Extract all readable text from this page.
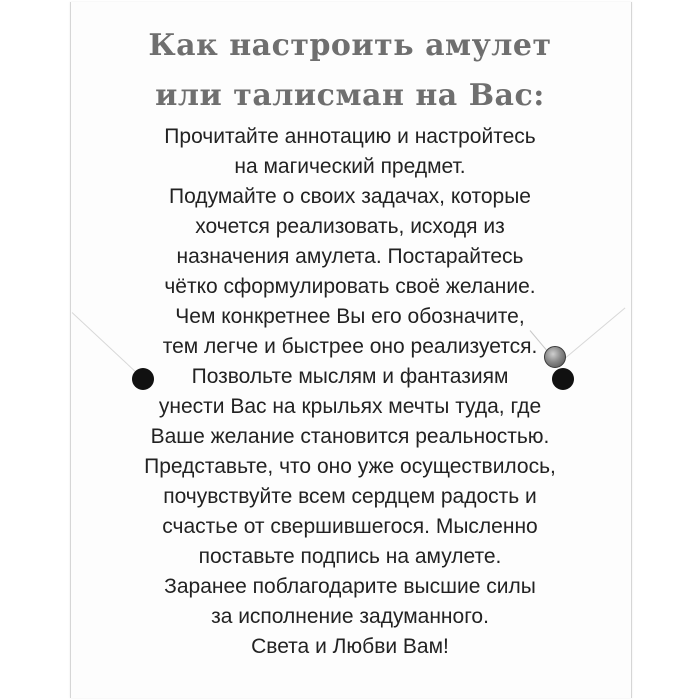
Как настроить амулет
или талисман на Вас:
Прочитайте аннотацию и настройтесь
на магический предмет.
Подумайте о своих задачах, которые
хочется реализовать, исходя из
назначения амулета. Постарайтесь
чётко сформулировать своё желание.
Чем конкретнее Вы его обозначите,
тем легче и быстрее оно реализуется.
Позвольте мыслям и фантазиям
унести Вас на крыльях мечты туда, где
Ваше желание становится реальностью.
Представьте, что оно уже осуществилось,
почувствуйте всем сердцем радость и
счастье от свершившегося. Мысленно
поставьте подпись на амулете.
Заранее поблагодарите высшие силы
за исполнение задуманного.
Света и Любви Вам!
